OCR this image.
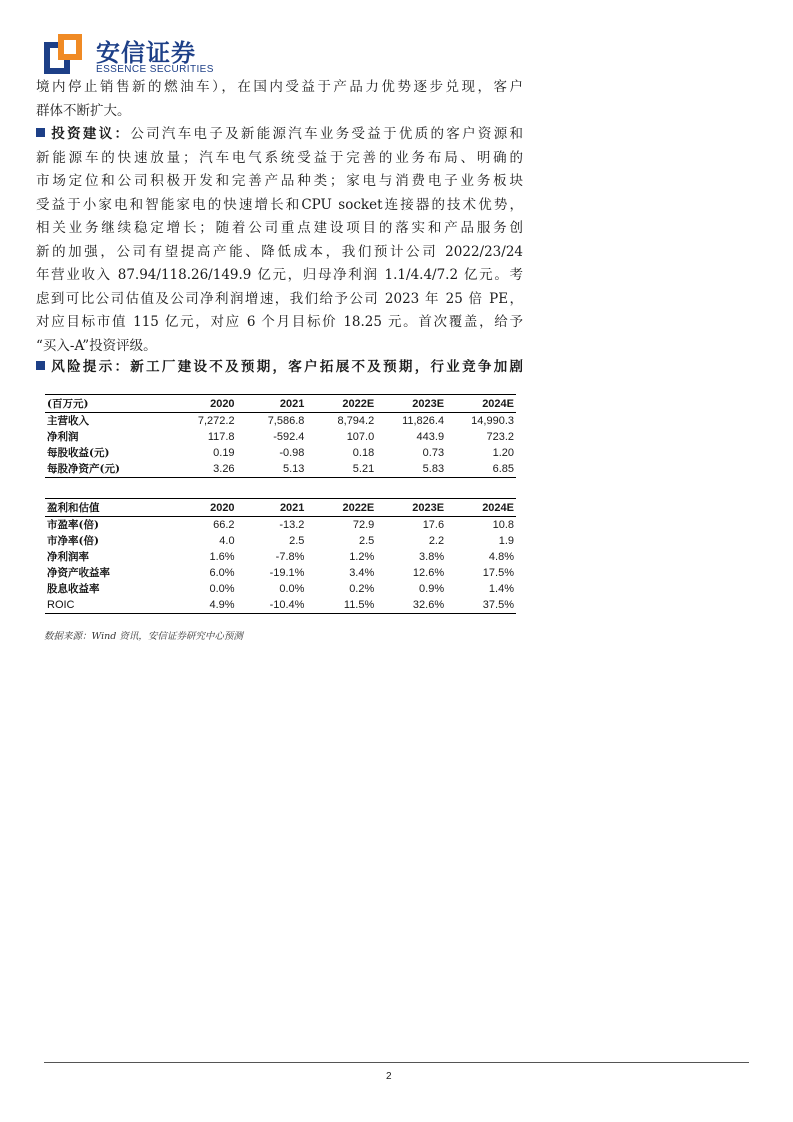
安信证券
ESSENCE SECURITIES
境内停止销售新的燃油车），在国内受益于产品力优势逐步兑现，客户
群体不断扩大。
投资建议：公司汽车电子及新能源汽车业务受益于优质的客户资源和
新能源车的快速放量；汽车电气系统受益于完善的业务布局、明确的
市场定位和公司积极开发和完善产品种类；家电与消费电子业务板块
受益于小家电和智能家电的快速增长和CPU socket连接器的技术优势，
相关业务继续稳定增长；随着公司重点建设项目的落实和产品服务创
新的加强，公司有望提高产能、降低成本，我们预计公司 2022/23/24
年营业收入 87.94/118.26/149.9 亿元，归母净利润 1.1/4.4/7.2 亿元。考
虑到可比公司估值及公司净利润增速，我们给予公司 2023 年 25 倍 PE，
对应目标市值 115 亿元，对应 6 个月目标价 18.25 元。首次覆盖，给予
“买入-A”投资评级。
风险提示：新工厂建设不及预期，客户拓展不及预期，行业竞争加剧
(百万元)	2020	2021	2022E	2023E	2024E
主营收入	7,272.2	7,586.8	8,794.2	11,826.4	14,990.3
净利润	117.8	-592.4	107.0	443.9	723.2
每股收益(元)	0.19	-0.98	0.18	0.73	1.20
每股净资产(元)	3.26	5.13	5.21	5.83	6.85
盈利和估值	2020	2021	2022E	2023E	2024E
市盈率(倍)	66.2	-13.2	72.9	17.6	10.8
市净率(倍)	4.0	2.5	2.5	2.2	1.9
净利润率	1.6%	-7.8%	1.2%	3.8%	4.8%
净资产收益率	6.0%	-19.1%	3.4%	12.6%	17.5%
股息收益率	0.0%	0.0%	0.2%	0.9%	1.4%
ROIC	4.9%	-10.4%	11.5%	32.6%	37.5%
数据来源：Wind 资讯，安信证券研究中心预测
2
